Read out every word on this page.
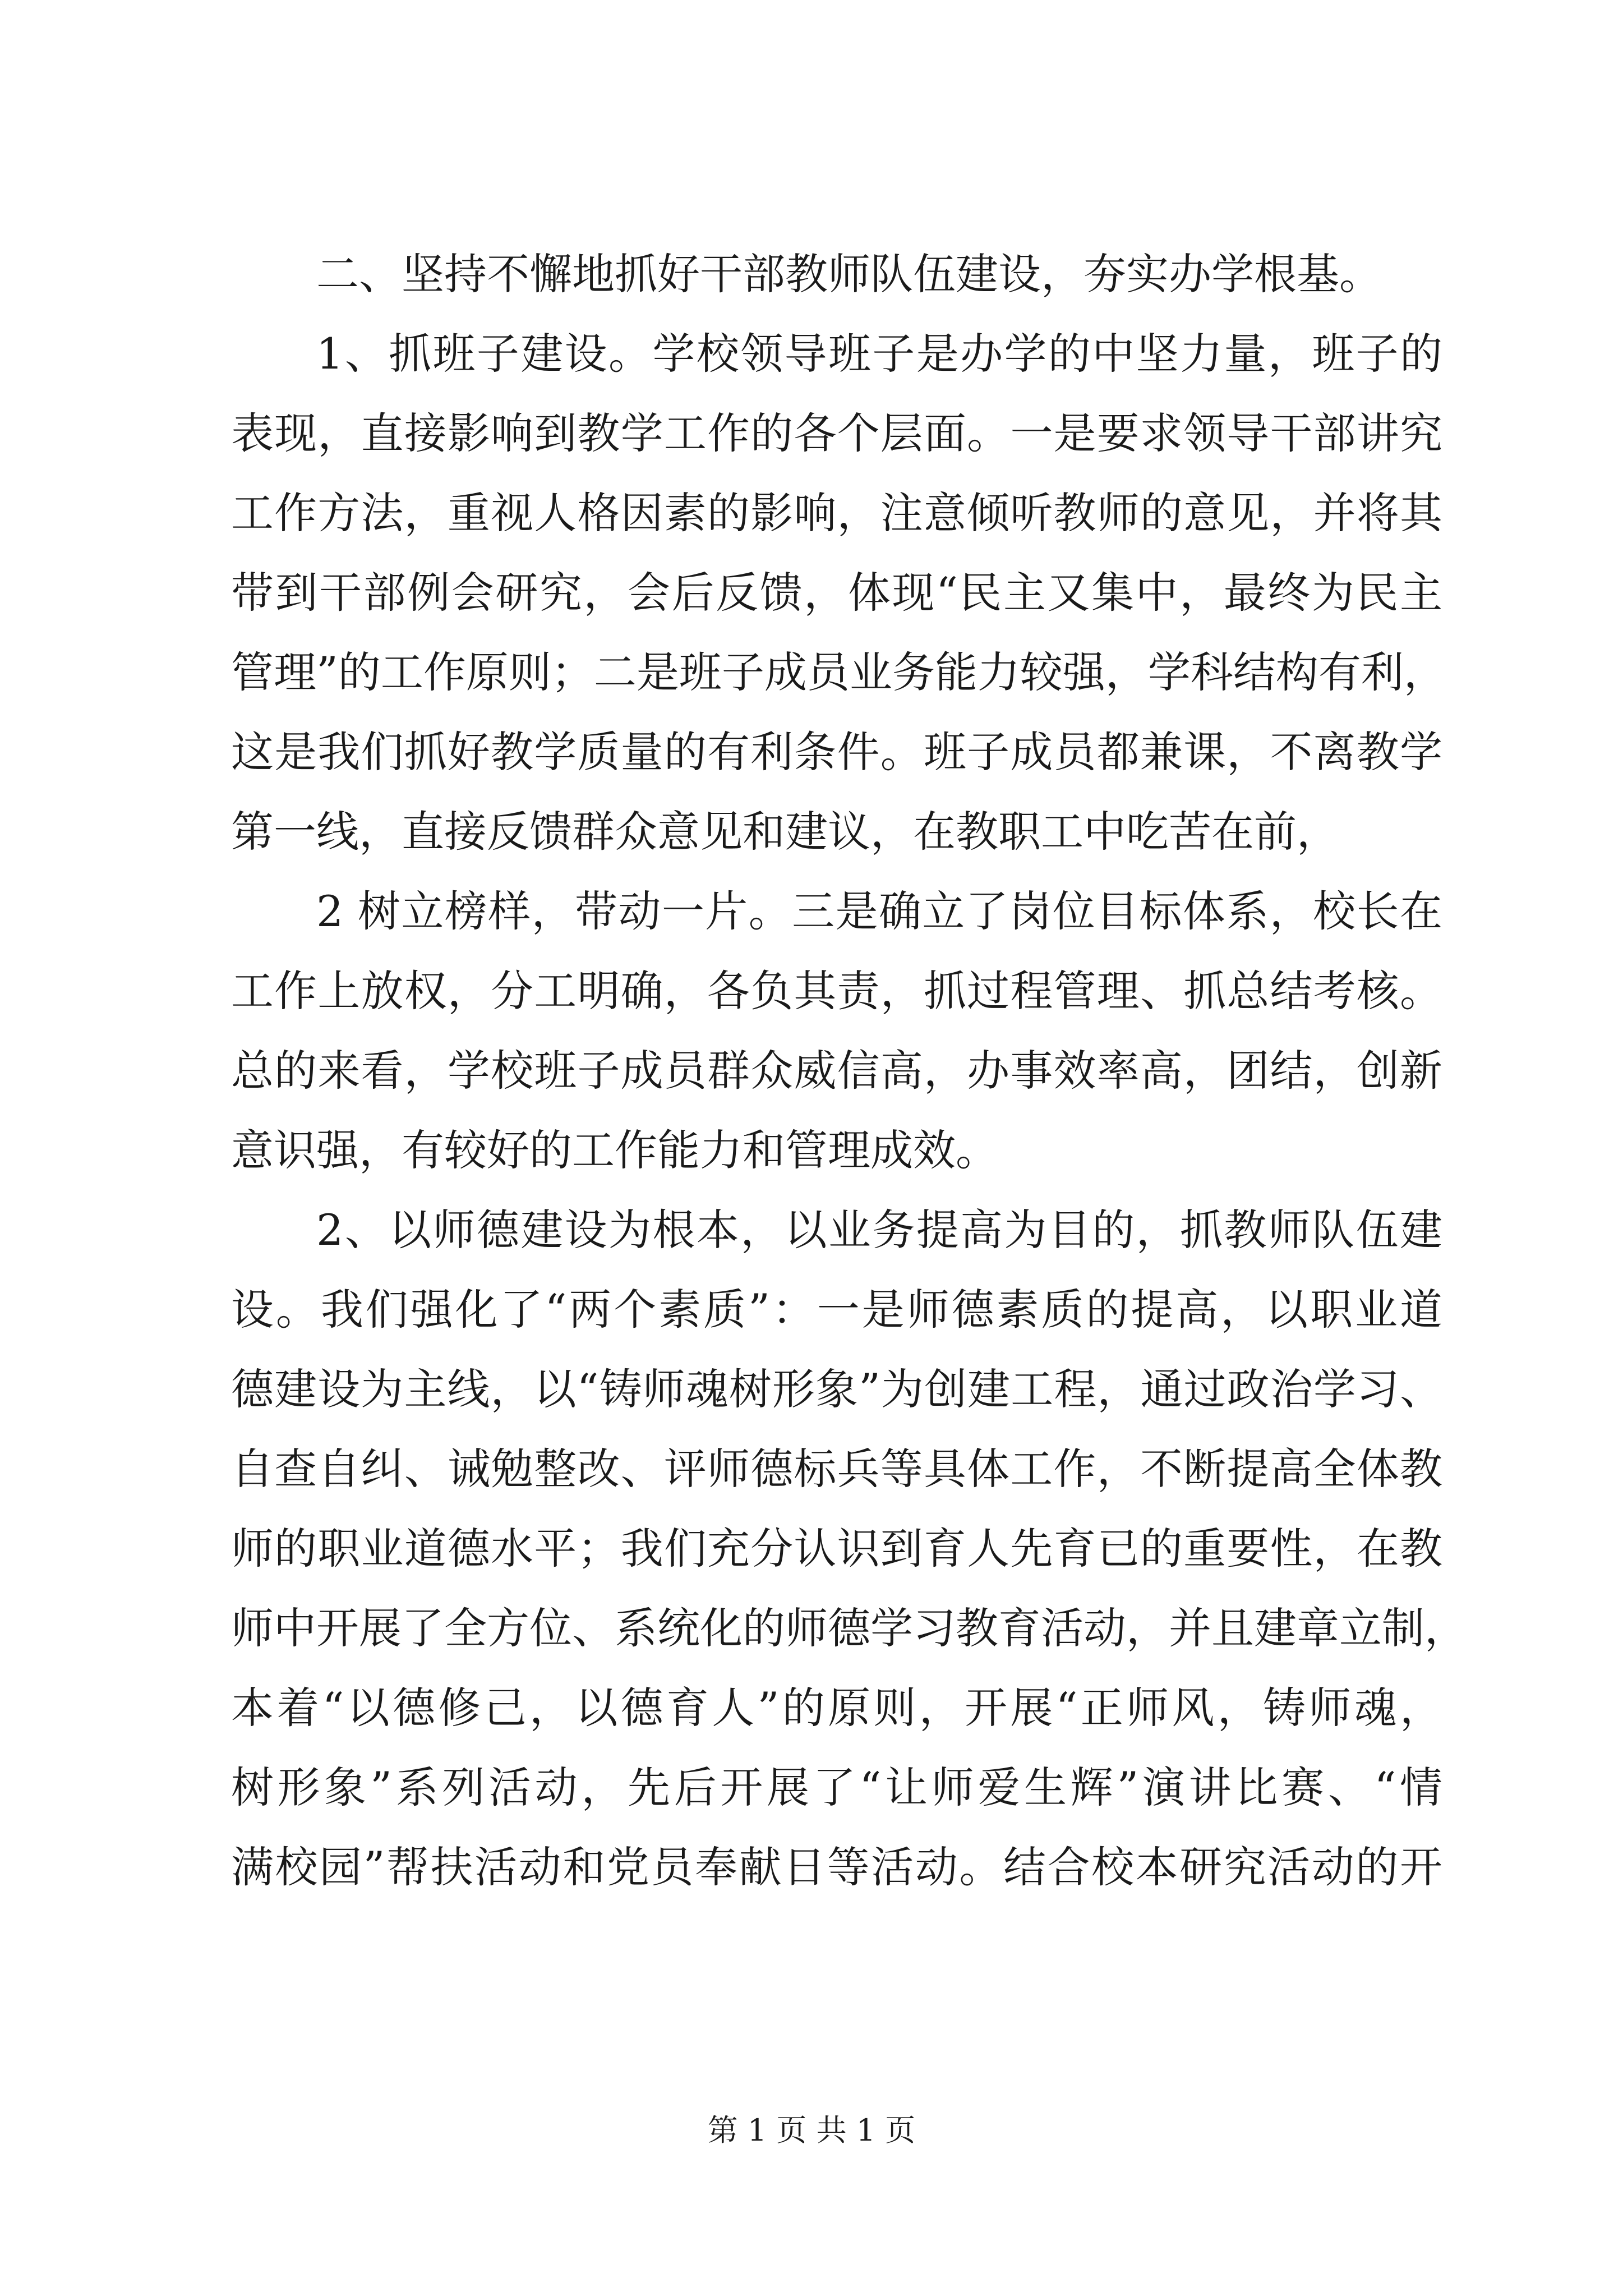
二、坚持不懈地抓好干部教师队伍建设，夯实办学根基。
1、抓班子建设。学校领导班子是办学的中坚力量，班子的
表现，直接影响到教学工作的各个层面。一是要求领导干部讲究
工作方法，重视人格因素的影响，注意倾听教师的意见，并将其
带到干部例会研究，会后反馈，体现“民主又集中，最终为民主
管理”的工作原则；二是班子成员业务能力较强，学科结构有利，
这是我们抓好教学质量的有利条件。班子成员都兼课，不离教学
第一线，直接反馈群众意见和建议，在教职工中吃苦在前，
2 树立榜样，带动一片。三是确立了岗位目标体系，校长在
工作上放权，分工明确，各负其责，抓过程管理、抓总结考核。
总的来看，学校班子成员群众威信高，办事效率高，团结，创新
意识强，有较好的工作能力和管理成效。
2、以师德建设为根本，以业务提高为目的，抓教师队伍建
设。我们强化了“两个素质”：一是师德素质的提高，以职业道
德建设为主线，以“铸师魂树形象”为创建工程，通过政治学习、
自查自纠、诫勉整改、评师德标兵等具体工作，不断提高全体教
师的职业道德水平；我们充分认识到育人先育已的重要性，在教
师中开展了全方位、系统化的师德学习教育活动，并且建章立制，
本着“以德修己，以德育人”的原则，开展“正师风，铸师魂，
树形象”系列活动，先后开展了“让师爱生辉”演讲比赛、“情
满校园”帮扶活动和党员奉献日等活动。结合校本研究活动的开
第 1 页 共 1 页
